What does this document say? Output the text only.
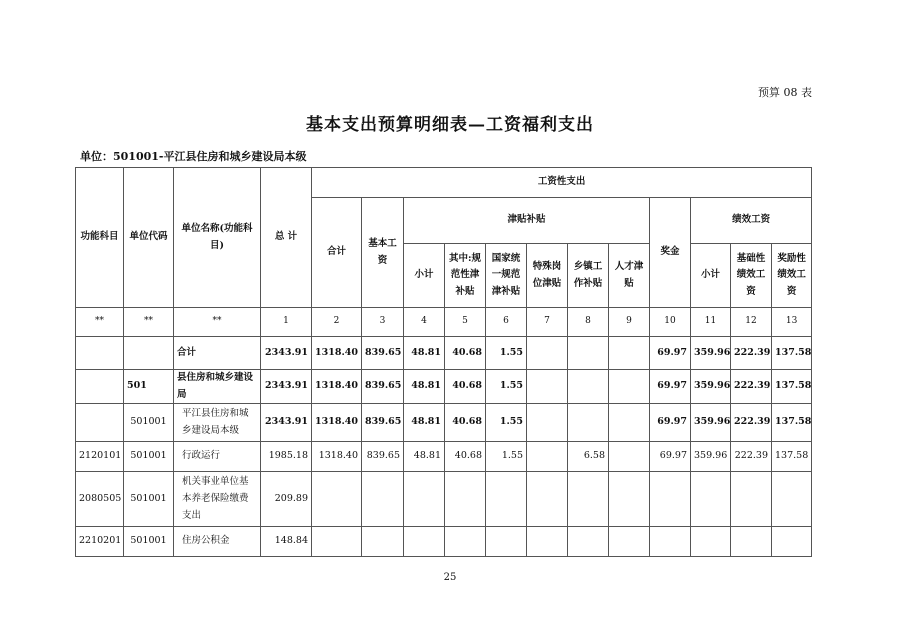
预算 08 表
基本支出预算明细表—工资福利支出
单位：501001-平江县住房和城乡建设局本级
功能科目	单位代码	单位名称(功能科目)	总 计	工资性支出											
				合计	基本工资	津贴补贴						奖金	绩效工资		
						小计	其中:规范性津补贴	国家统一规范津补贴	特殊岗位津贴	乡镇工作补贴	人才津贴		小计	基础性绩效工资	奖励性绩效工资
**	**	**	1	2	3	4	5	6	7	8	9	10	11	12	13
		合计	2343.91	1318.40	839.65	48.81	40.68	1.55				69.97	359.96	222.39	137.58
	501	县住房和城乡建设局	2343.91	1318.40	839.65	48.81	40.68	1.55				69.97	359.96	222.39	137.58
	501001	平江县住房和城乡建设局本级	2343.91	1318.40	839.65	48.81	40.68	1.55				69.97	359.96	222.39	137.58
2120101	501001	行政运行	1985.18	1318.40	839.65	48.81	40.68	1.55		6.58		69.97	359.96	222.39	137.58
2080505	501001	机关事业单位基本养老保险缴费支出	209.89												
2210201	501001	住房公积金	148.84												
25
